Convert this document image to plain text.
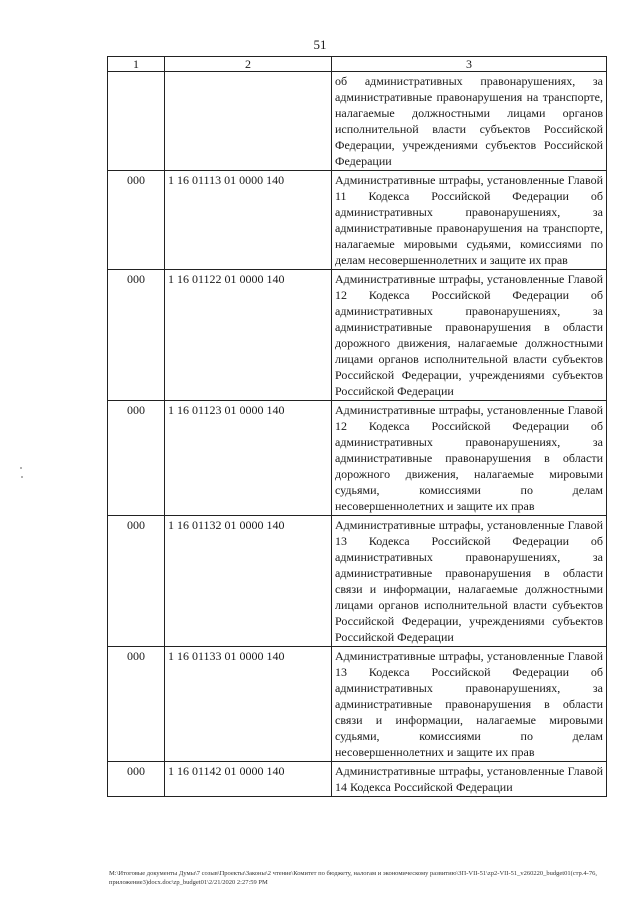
51
1	2	3
		об административных правонарушениях, за административные правонарушения на транспорте, налагаемые должностными лицами органов исполнительной власти субъектов Российской Федерации, учреждениями субъектов Российской Федерации
000	1 16 01113 01 0000 140	Административные штрафы, установленные Главой 11 Кодекса Российской Федерации об административных правонарушениях, за административные правонарушения на транспорте, налагаемые мировыми судьями, комиссиями по делам несовершеннолетних и защите их прав
000	1 16 01122 01 0000 140	Административные штрафы, установленные Главой 12 Кодекса Российской Федерации об административных правонарушениях, за административные правонарушения в области дорожного движения, налагаемые должностными лицами органов исполнительной власти субъектов Российской Федерации, учреждениями субъектов Российской Федерации
000	1 16 01123 01 0000 140	Административные штрафы, установленные Главой 12 Кодекса Российской Федерации об административных правонарушениях, за административные правонарушения в области дорожного движения, налагаемые мировыми судьями, комиссиями по делам несовершеннолетних и защите их прав
000	1 16 01132 01 0000 140	Административные штрафы, установленные Главой 13 Кодекса Российской Федерации об административных правонарушениях, за административные правонарушения в области связи и информации, налагаемые должностными лицами органов исполнительной власти субъектов Российской Федерации, учреждениями субъектов Российской Федерации
000	1 16 01133 01 0000 140	Административные штрафы, установленные Главой 13 Кодекса Российской Федерации об административных правонарушениях, за административные правонарушения в области связи и информации, налагаемые мировыми судьями, комиссиями по делам несовершеннолетних и защите их прав
000	1 16 01142 01 0000 140	Административные штрафы, установленные Главой 14 Кодекса Российской Федерации
M:\Итоговые документы Думы\7 созыв\Проекты\Законы\2 чтение\Комитет по бюджету, налогам и экономическому развитию\ЗП-VII-51\zp2-VII-51_v260220_budget01(стр.4-76, приложение3)docx.doc\zp_budget01\2/21/2020 2:27:59 PM
